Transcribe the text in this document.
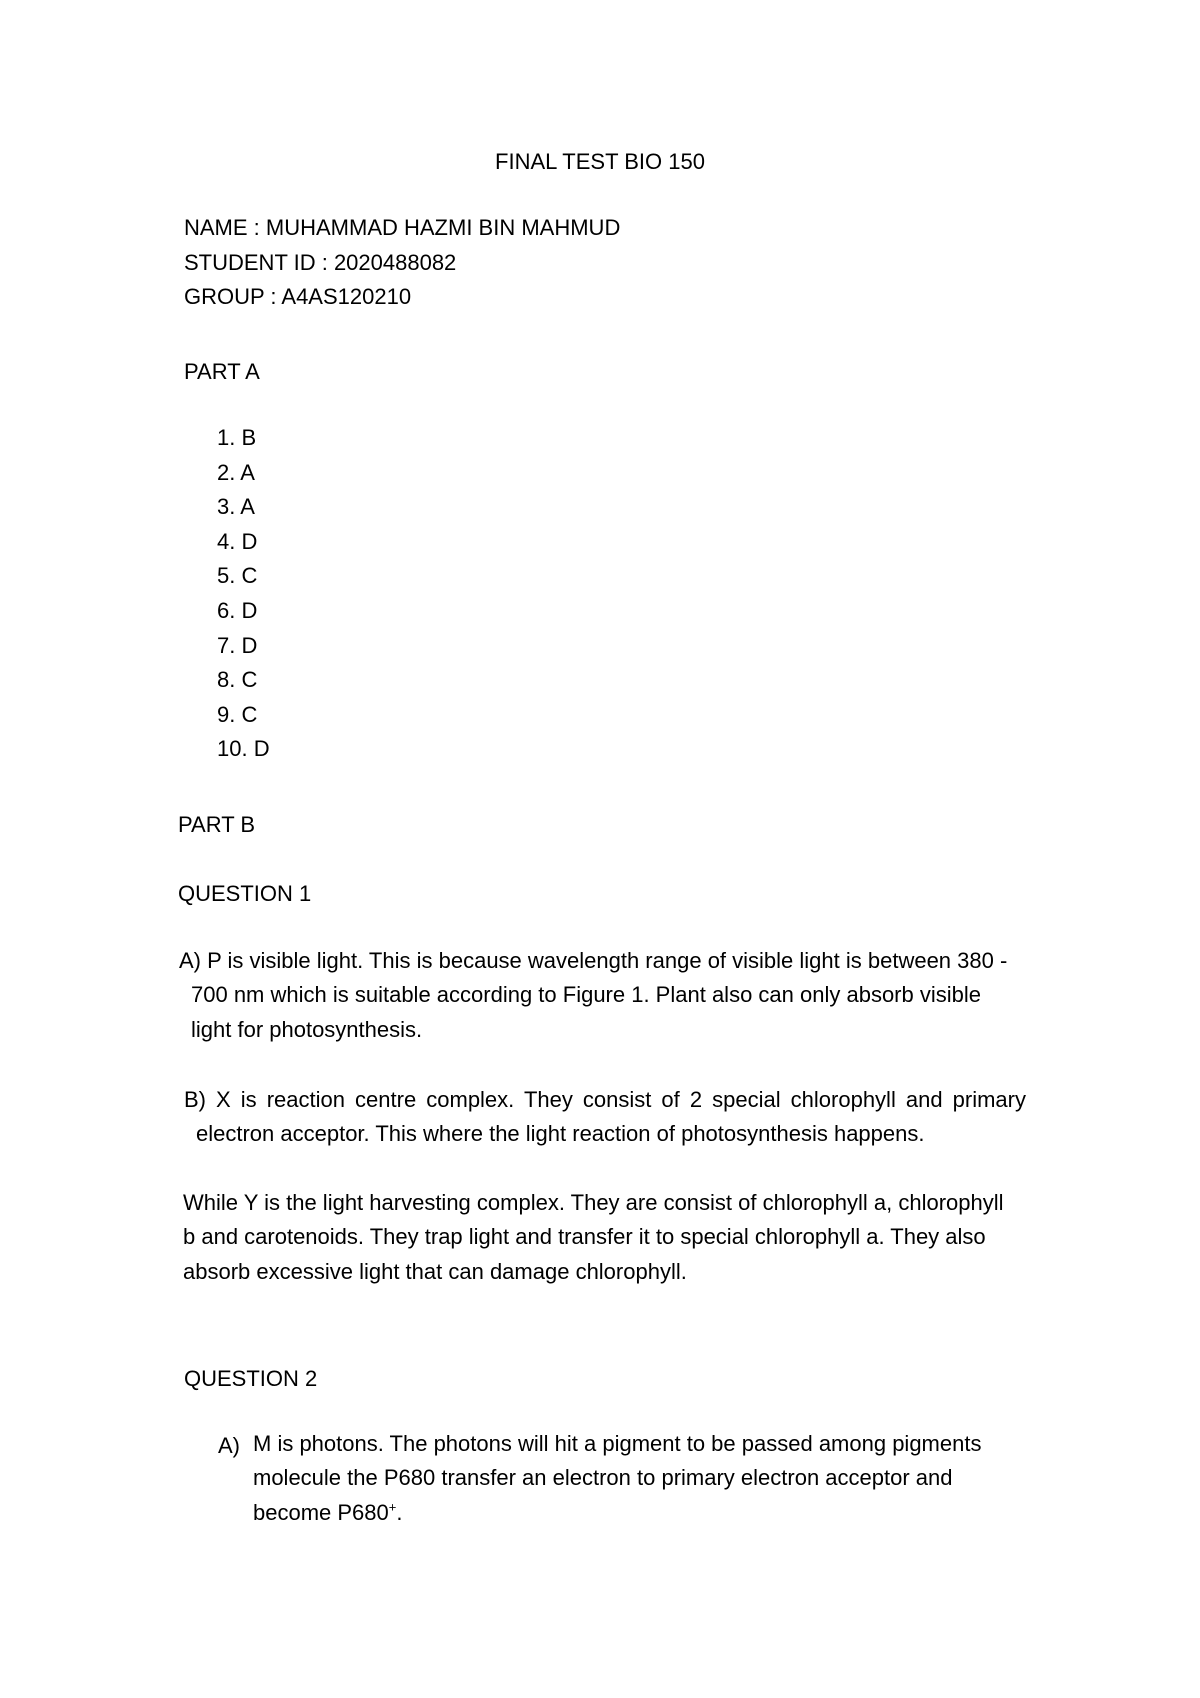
FINAL TEST BIO 150

NAME : MUHAMMAD HAZMI BIN MAHMUD

STUDENT ID : 2020488082

GROUP : A4AS120210

PART A

1. B
2. A
3. A
4. D
5. C
6. D
7. D
8. C
9. C
10. D

PART B

QUESTION 1

A) P is visible light. This is because wavelength range of visible light is between 380 - 700 nm which is suitable according to Figure 1. Plant also can only absorb visible light for photosynthesis.

B) X is reaction centre complex. They consist of 2 special chlorophyll and primary electron acceptor. This where the light reaction of photosynthesis happens.

While Y is the light harvesting complex. They are consist of chlorophyll a, chlorophyll b and carotenoids. They trap light and transfer it to special chlorophyll a. They also absorb excessive light that can damage chlorophyll.

QUESTION 2

A) M is photons. The photons will hit a pigment to be passed among pigments molecule the P680 transfer an electron to primary electron acceptor and become P680+.
